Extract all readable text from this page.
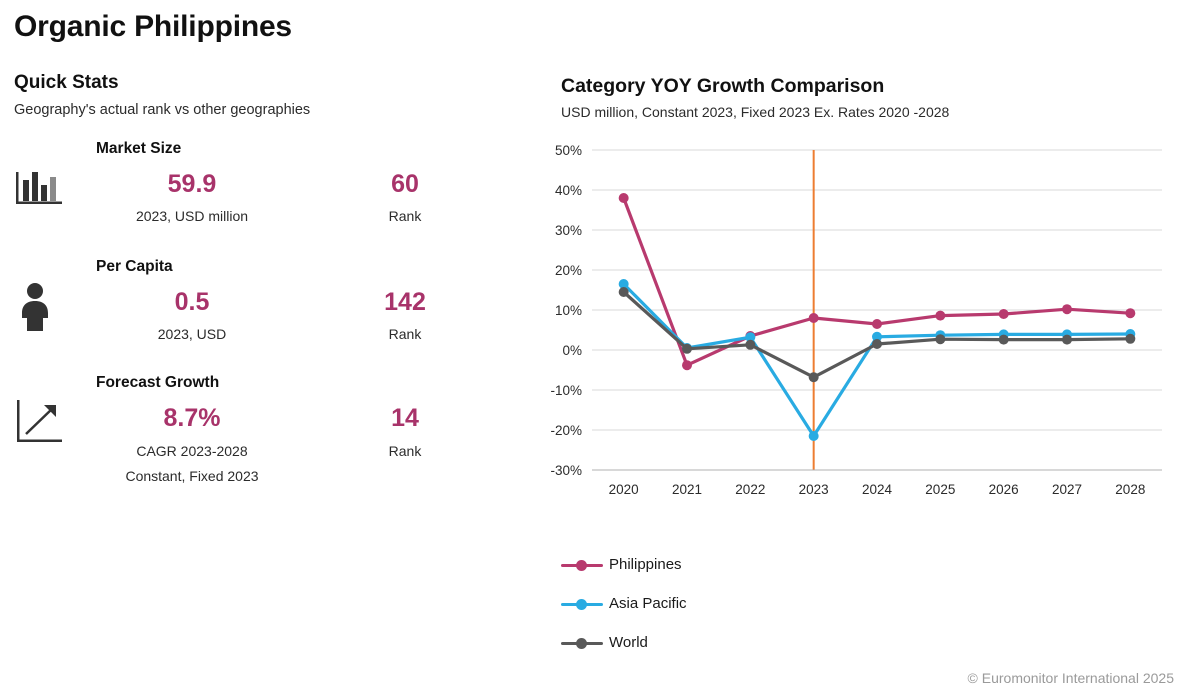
Organic Philippines
Quick Stats
Geography's actual rank vs other geographies
Market Size
59.9
2023, USD million
60
Rank
Per Capita
0.5
2023, USD
142
Rank
Forecast Growth
8.7%
CAGR 2023-2028
Constant, Fixed 2023
14
Rank
Category YOY Growth Comparison
USD million, Constant 2023, Fixed 2023 Ex. Rates 2020 -2028
-30%
-20%
-10%
0%
10%
20%
30%
40%
50%
2020 2021 2022 2023 2024 2025 2026 2027 2028
Philippines
Asia Pacific
World
© Euromonitor International 2025
